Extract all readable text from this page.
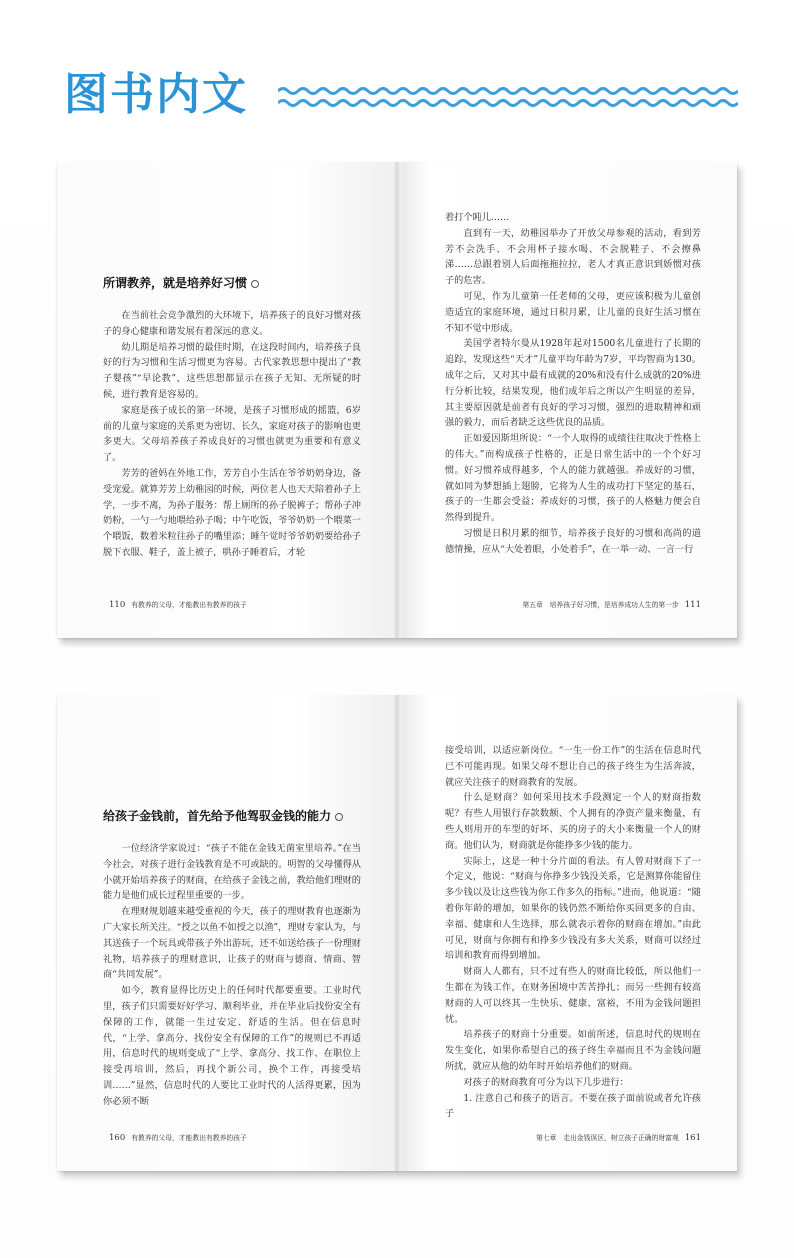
图书内文
所谓教养，就是培养好习惯

在当前社会竞争激烈的大环境下，培养孩子的良好习惯对孩子的身心健康和谐发展有着深远的意义。

幼儿期是培养习惯的最佳时期，在这段时间内，培养孩子良好的行为习惯和生活习惯更为容易。古代家教思想中提出了“教子婴孩”“早论教”，这些思想都显示在孩子无知、无所疑的时候，进行教育是容易的。

家庭是孩子成长的第一环境，是孩子习惯形成的摇篮，6岁前的儿童与家庭的关系更为密切、长久，家庭对孩子的影响也更多更大。父母培养孩子养成良好的习惯也就更为重要和有意义了。

芳芳的爸妈在外地工作，芳芳自小生活在爷爷奶奶身边，备受宠爱。就算芳芳上幼稚园的时候，两位老人也天天陪着孙子上学，一步不离，为孙子服务：帮上厕所的孙子脱裤子；帮孙子冲奶粉，一勺一勺地喂给孙子喝；中午吃饭，爷爷奶奶一个喂菜一个喂饭，数着米粒往孙子的嘴里添；睡午觉时爷爷奶奶要给孙子脱下衣服、鞋子，盖上被子，哄孙子睡着后，才轮

110 有教养的父母，才能教出有教养的孩子

着打个盹儿……

直到有一天，幼稚园举办了开放父母参观的活动，看到芳芳不会洗手、不会用杯子接水喝、不会脱鞋子、不会擦鼻涕……总跟着别人后面拖拖拉拉，老人才真正意识到娇惯对孩子的危害。

可见，作为儿童第一任老师的父母，更应该积极为儿童创造适宜的家庭环境，通过日积月累，让儿童的良好生活习惯在不知不觉中形成。

美国学者特尔曼从1928年起对1500名儿童进行了长期的追踪，发现这些“天才”儿童平均年龄为7岁，平均智商为130。成年之后，又对其中最有成就的20%和没有什么成就的20%进行分析比较，结果发现，他们成年后之所以产生明显的差异，其主要原因就是前者有良好的学习习惯，强烈的进取精神和顽强的毅力，而后者缺乏这些优良的品质。

正如爱因斯坦所说：“一个人取得的成绩往往取决于性格上的伟大。”而构成孩子性格的，正是日常生活中的一个个好习惯。好习惯养成得越多，个人的能力就越强。养成好的习惯，就如同为梦想插上翅膀，它将为人生的成功打下坚定的基石，孩子的一生都会受益；养成好的习惯，孩子的人格魅力便会自然得到提升。

习惯是日积月累的细节，培养孩子良好的习惯和高尚的道德情操，应从“大处着眼，小处着手”，在一举一动、一言一行

第五章　培养孩子好习惯，是培养成功人生的第一步 111
给孩子金钱前，首先给予他驾驭金钱的能力

一位经济学家说过：“孩子不能在金钱无菌室里培养。”在当今社会，对孩子进行金钱教育是不可或缺的。明智的父母懂得从小就开始培养孩子的财商，在给孩子金钱之前，教给他们理财的能力是他们成长过程里重要的一步。

在理财规划越来越受重视的今天，孩子的理财教育也逐渐为广大家长所关注。“授之以鱼不如授之以渔”，理财专家认为，与其送孩子一个玩具或带孩子外出游玩，还不如送给孩子一份理财礼物，培养孩子的理财意识，让孩子的财商与德商、情商、智商“共同发展”。

如今，教育显得比历史上的任何时代都要重要。工业时代里，孩子们只需要好好学习、顺利毕业，并在毕业后找份安全有保障的工作，就能一生过安定、舒适的生活。但在信息时代，“上学、拿高分、找份安全有保障的工作”的规则已不再适用，信息时代的规则变成了“上学、拿高分、找工作、在职位上接受再培训，然后，再找个新公司，换个工作，再接受培训……”显然，信息时代的人要比工业时代的人活得更累，因为你必须不断

160 有教养的父母，才能教出有教养的孩子

接受培训，以适应新岗位。“一生一份工作”的生活在信息时代已不可能再现。如果父母不想让自己的孩子终生为生活奔波，就应关注孩子的财商教育的发展。

什么是财商？如何采用技术手段测定一个人的财商指数呢？有些人用银行存款数额、个人拥有的净资产量来衡量，有些人则用开的车型的好坏、买的房子的大小来衡量一个人的财商。他们认为，财商就是你能挣多少钱的能力。

实际上，这是一种十分片面的看法。有人曾对财商下了一个定义，他说：“财商与你挣多少钱没关系，它是测算你能留住多少钱以及让这些钱为你工作多久的指标。”进而，他说道：“随着你年龄的增加，如果你的钱仍然不断给你买回更多的自由、幸福、健康和人生选择，那么就表示着你的财商在增加。”由此可见，财商与你拥有和挣多少钱没有多大关系，财商可以经过培训和教育而得到增加。

财商人人都有，只不过有些人的财商比较低，所以他们一生都在为钱工作，在财务困境中苦苦挣扎；而另一些拥有较高财商的人可以终其一生快乐、健康、富裕，不用为金钱问题担忧。

培养孩子的财商十分重要。如前所述，信息时代的规则在发生变化，如果你希望自己的孩子终生幸福而且不为金钱问题所扰，就应从他的幼年时开始培养他们的财商。

对孩子的财商教育可分为以下几步进行：

1. 注意自己和孩子的语言。不要在孩子面前说或者允许孩子

第七章　走出金钱误区，树立孩子正确的财富观 161
